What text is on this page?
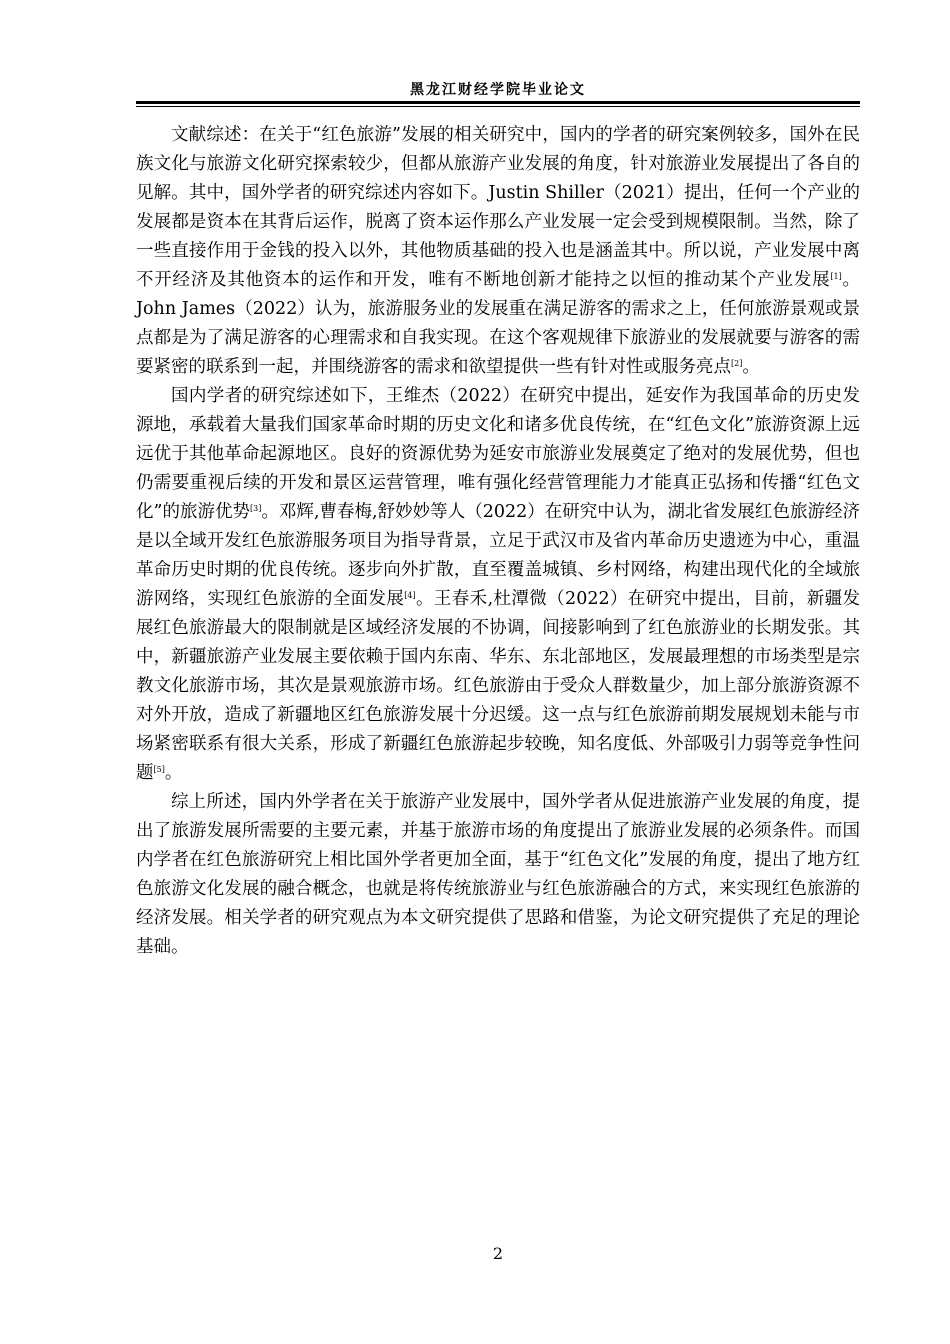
黑龙江财经学院毕业论文

文献综述：在关于“红色旅游”发展的相关研究中，国内的学者的研究案例较多，国外在民族文化与旅游文化研究探索较少，但都从旅游产业发展的角度，针对旅游业发展提出了各自的见解。其中，国外学者的研究综述内容如下。Justin Shiller（2021）提出，任何一个产业的发展都是资本在其背后运作，脱离了资本运作那么产业发展一定会受到规模限制。当然，除了一些直接作用于金钱的投入以外，其他物质基础的投入也是涵盖其中。所以说，产业发展中离不开经济及其他资本的运作和开发，唯有不断地创新才能持之以恒的推动某个产业发展[1]。John James（2022）认为，旅游服务业的发展重在满足游客的需求之上，任何旅游景观或景点都是为了满足游客的心理需求和自我实现。在这个客观规律下旅游业的发展就要与游客的需要紧密的联系到一起，并围绕游客的需求和欲望提供一些有针对性或服务亮点[2]。

国内学者的研究综述如下，王维杰（2022）在研究中提出，延安作为我国革命的历史发源地，承载着大量我们国家革命时期的历史文化和诸多优良传统，在“红色文化”旅游资源上远远优于其他革命起源地区。良好的资源优势为延安市旅游业发展奠定了绝对的发展优势，但也仍需要重视后续的开发和景区运营管理，唯有强化经营管理能力才能真正弘扬和传播“红色文化”的旅游优势[3]。邓辉,曹春梅,舒妙妙等人（2022）在研究中认为，湖北省发展红色旅游经济是以全域开发红色旅游服务项目为指导背景，立足于武汉市及省内革命历史遗迹为中心，重温革命历史时期的优良传统。逐步向外扩散，直至覆盖城镇、乡村网络，构建出现代化的全域旅游网络，实现红色旅游的全面发展[4]。王春禾,杜潭微（2022）在研究中提出，目前，新疆发展红色旅游最大的限制就是区域经济发展的不协调，间接影响到了红色旅游业的长期发张。其中，新疆旅游产业发展主要依赖于国内东南、华东、东北部地区，发展最理想的市场类型是宗教文化旅游市场，其次是景观旅游市场。红色旅游由于受众人群数量少，加上部分旅游资源不对外开放，造成了新疆地区红色旅游发展十分迟缓。这一点与红色旅游前期发展规划未能与市场紧密联系有很大关系，形成了新疆红色旅游起步较晚，知名度低、外部吸引力弱等竞争性问题[5]。

综上所述，国内外学者在关于旅游产业发展中，国外学者从促进旅游产业发展的角度，提出了旅游发展所需要的主要元素，并基于旅游市场的角度提出了旅游业发展的必须条件。而国内学者在红色旅游研究上相比国外学者更加全面，基于“红色文化”发展的角度，提出了地方红色旅游文化发展的融合概念，也就是将传统旅游业与红色旅游融合的方式，来实现红色旅游的经济发展。相关学者的研究观点为本文研究提供了思路和借鉴，为论文研究提供了充足的理论基础。

2
